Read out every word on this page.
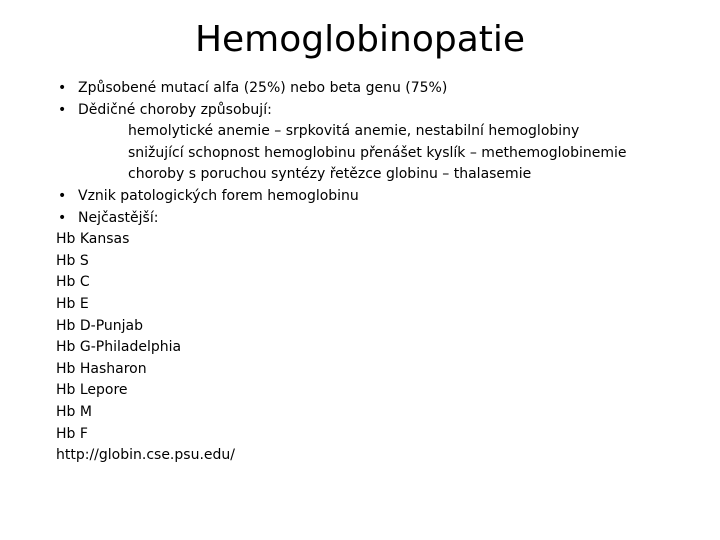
Hemoglobinopatie
• Způsobené mutací alfa (25%) nebo beta genu (75%)
• Dědičné choroby způsobují:
hemolytické anemie – srpkovitá anemie, nestabilní hemoglobiny
snižující schopnost hemoglobinu přenášet kyslík – methemoglobinemie
choroby s poruchou syntézy řetězce globinu – thalasemie
• Vznik patologických forem hemoglobinu
• Nejčastější:
Hb Kansas
Hb S
Hb C
Hb E
Hb D-Punjab
Hb G-Philadelphia
Hb Hasharon
Hb Lepore
Hb M
Hb F
http://globin.cse.psu.edu/
